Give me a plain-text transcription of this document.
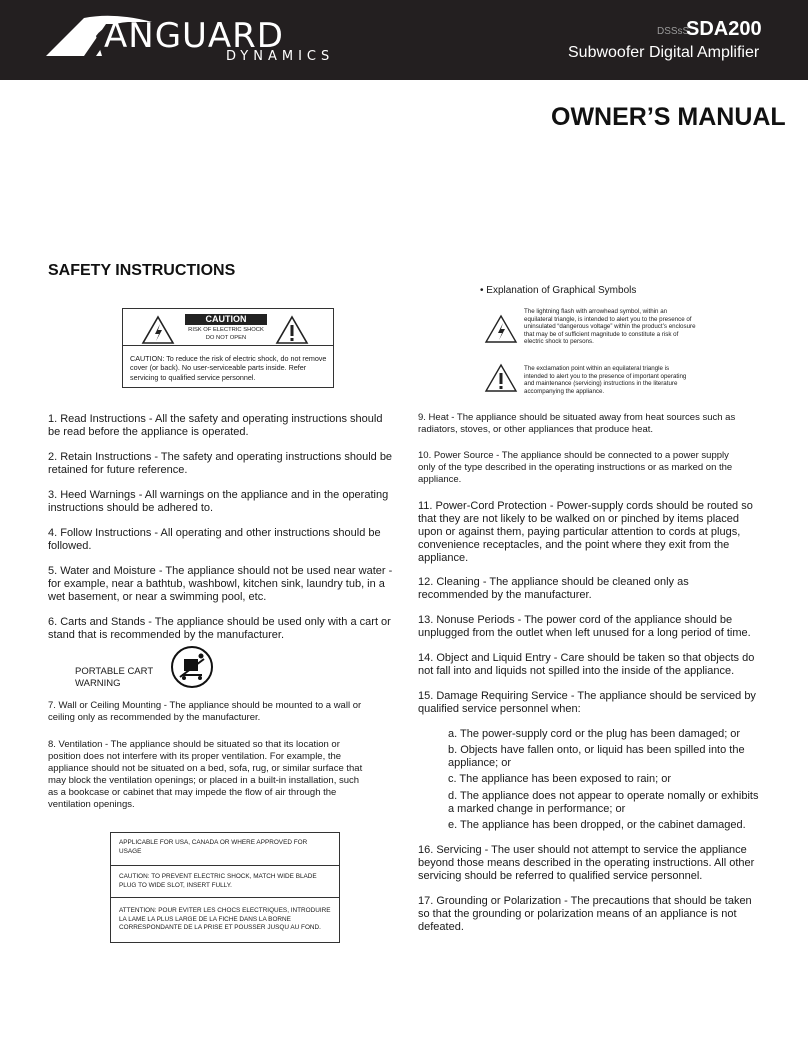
ANGUARD
DYNAMICS
DSSsS
SDA200
Subwoofer Digital Amplifier
OWNER’S MANUAL
SAFETY INSTRUCTIONS
CAUTION
RISK OF ELECTRIC SHOCK
DO NOT OPEN
CAUTION: To reduce the risk of electric shock, do not remove cover (or back). No user-serviceable parts inside. Refer servicing to qualified service personnel.
• Explanation of Graphical Symbols
The lightning flash with arrowhead symbol, within an equilateral triangle, is intended to alert you to the presence of uninsulated “dangerous voltage” within the product’s enclosure that may be of sufficient magnitude to constitute a risk of electric shock to persons.
The exclamation point within an equilateral triangle is intended to alert you to the presence of important operating and maintenance (servicing) instructions in the literature accompanying the appliance.
1. Read Instructions - All the safety and operating instructions should be read before the appliance is operated.
2. Retain Instructions - The safety and operating instructions should be retained for future reference.
3. Heed Warnings - All warnings on the appliance and in the operating instructions should be adhered to.
4. Follow Instructions - All operating and other instructions should be followed.
5. Water and Moisture - The appliance should not be used near water - for example, near a bathtub, washbowl, kitchen sink, laundry tub, in a wet basement, or near a swimming pool, etc.
6. Carts and Stands - The appliance should be used only with a cart or stand that is recommended by the manufacturer.
PORTABLE CART
WARNING
7. Wall or Ceiling Mounting - The appliance should be mounted to a wall or ceiling only as recommended by the manufacturer.
8. Ventilation - The appliance should be situated so that its location or position does not interfere with its proper ventilation. For example, the appliance should not be situated on a bed, sofa, rug, or similar surface that may block the ventilation openings; or placed in a built-in installation, such as a bookcase or cabinet that may impede the flow of air through the ventilation openings.
APPLICABLE FOR USA, CANADA OR WHERE APPROVED FOR USAGE
CAUTION: TO PREVENT ELECTRIC SHOCK, MATCH WIDE BLADE PLUG TO WIDE SLOT, INSERT FULLY.
ATTENTION: POUR EVITER LES CHOCS ELECTRIQUES, INTRODUIRE LA LAME LA PLUS LARGE DE LA FICHE DANS LA BORNE CORRESPONDANTE DE LA PRISE ET POUSSER JUSQU AU FOND.
9. Heat - The appliance should be situated away from heat sources such as radiators, stoves, or other appliances that produce heat.
10. Power Source - The appliance should be connected to a power supply only of the type described in the operating instructions or as marked on the appliance.
11. Power-Cord Protection - Power-supply cords should be routed so that they are not likely to be walked on or pinched by items placed upon or against them, paying particular attention to cords at plugs, convenience receptacles, and the point where they exit from the appliance.
12. Cleaning - The appliance should be cleaned only as recommended by the manufacturer.
13. Nonuse Periods - The power cord of the appliance should be unplugged from the outlet when left unused for a long period of time.
14. Object and Liquid Entry - Care should be taken so that objects do not fall into and liquids not spilled into the inside of the appliance.
15. Damage Requiring Service - The appliance should be serviced by qualified service personnel when:
a. The power-supply cord or the plug has been damaged; or
b. Objects have fallen onto, or liquid has been spilled into the appliance; or
c. The appliance has been exposed to rain; or
d. The appliance does not appear to operate nomally or exhibits a marked change in performance; or
e. The appliance has been dropped, or the cabinet damaged.
16. Servicing - The user should not attempt to service the appliance beyond those means described in the operating instructions. All other servicing should be referred to qualified service personnel.
17. Grounding or Polarization - The precautions that should be taken so that the grounding or polarization means of an appliance is not defeated.
